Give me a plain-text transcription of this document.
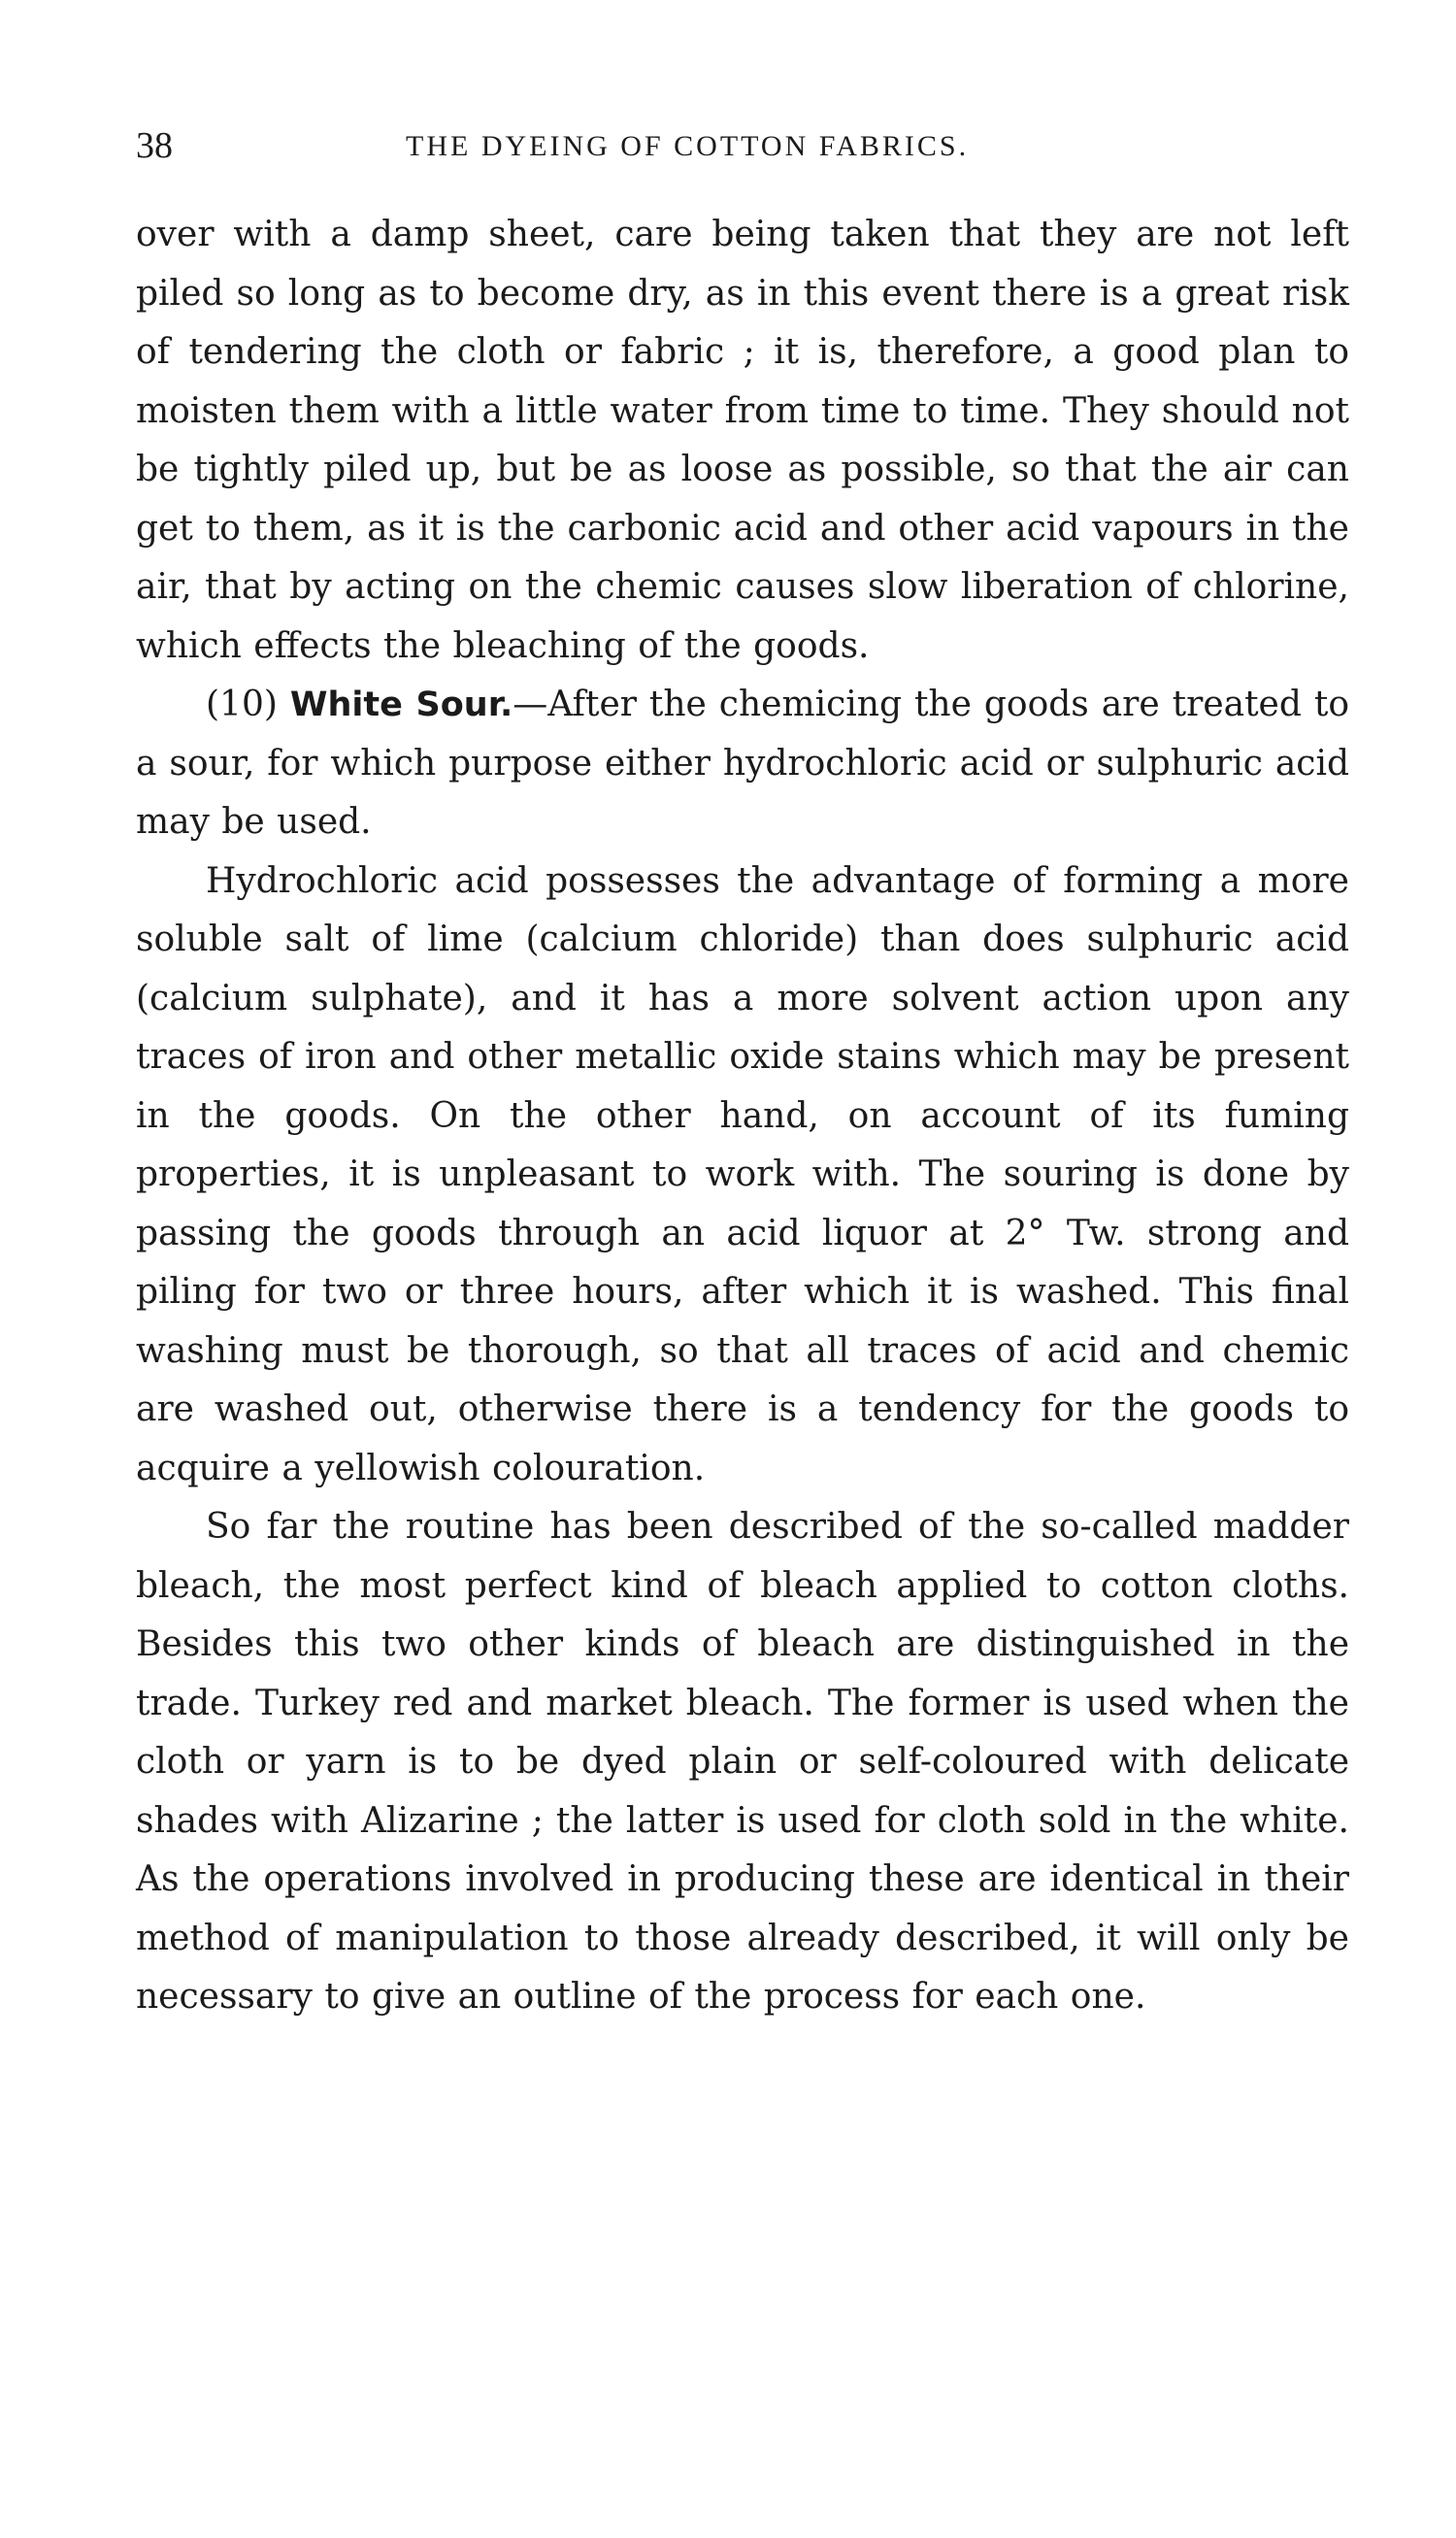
38	THE DYEING OF COTTON FABRICS.

over with a damp sheet, care being taken that they are not left piled so long as to become dry, as in this event there is a great risk of tendering the cloth or fabric ; it is, therefore, a good plan to moisten them with a little water from time to time. They should not be tightly piled up, but be as loose as possible, so that the air can get to them, as it is the carbonic acid and other acid vapours in the air, that by acting on the chemic causes slow liberation of chlorine, which effects the bleaching of the goods.

(10) White Sour.—After the chemicing the goods are treated to a sour, for which purpose either hydrochloric acid or sulphuric acid may be used.

Hydrochloric acid possesses the advantage of forming a more soluble salt of lime (calcium chloride) than does sulphuric acid (calcium sulphate), and it has a more solvent action upon any traces of iron and other metallic oxide stains which may be present in the goods. On the other hand, on account of its fuming properties, it is unpleasant to work with. The souring is done by passing the goods through an acid liquor at 2° Tw. strong and piling for two or three hours, after which it is washed. This final washing must be thorough, so that all traces of acid and chemic are washed out, otherwise there is a tendency for the goods to acquire a yellowish colouration.

So far the routine has been described of the so-called madder bleach, the most perfect kind of bleach applied to cotton cloths. Besides this two other kinds of bleach are distinguished in the trade. Turkey red and market bleach. The former is used when the cloth or yarn is to be dyed plain or self-coloured with delicate shades with Alizarine ; the latter is used for cloth sold in the white. As the operations involved in producing these are identical in their method of manipulation to those already described, it will only be necessary to give an outline of the process for each one.
